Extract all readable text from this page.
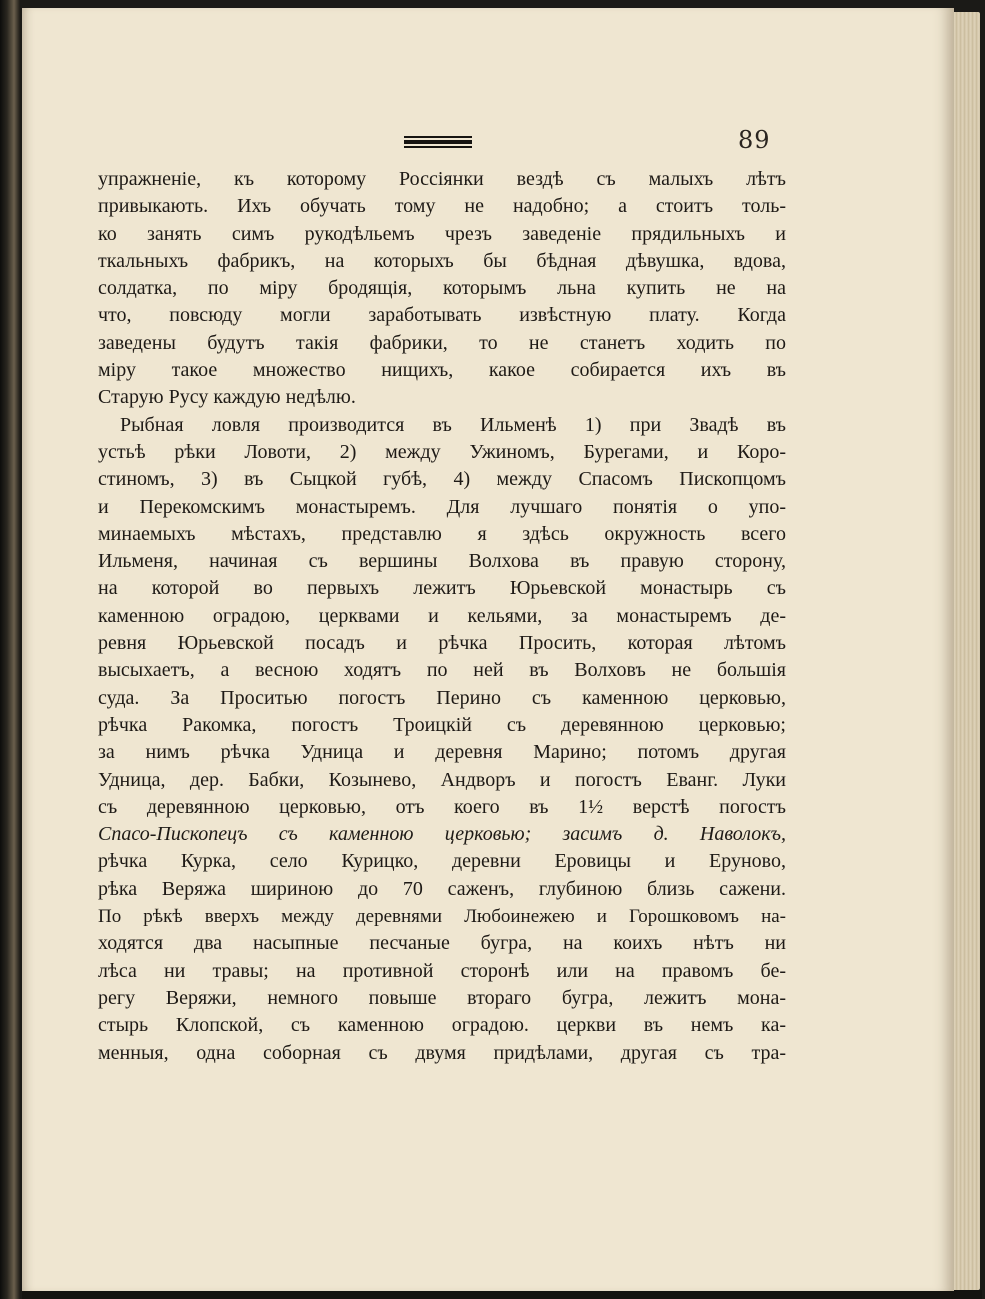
89
упражненіе, къ которому Россіянки вездѣ съ малыхъ лѣтъ
привыкають. Ихъ обучать тому не надобно; а стоитъ толь-
ко занять симъ рукодѣльемъ чрезъ заведеніе прядильныхъ и
ткальныхъ фабрикъ, на которыхъ бы бѣдная дѣвушка, вдова,
солдатка, по міру бродящія, которымъ льна купить не на
что, повсюду могли заработывать извѣстную плату. Когда
заведены будутъ такія фабрики, то не станетъ ходить по
міру такое множество нищихъ, какое собирается ихъ въ
Старую Русу каждую недѣлю.
Рыбная ловля производится въ Ильменѣ 1) при Звадѣ въ
устьѣ рѣки Ловоти, 2) между Ужиномъ, Бурегами, и Коро-
стиномъ, 3) въ Сыцкой губѣ, 4) между Спасомъ Пископцомъ
и Перекомскимъ монастыремъ. Для лучшаго понятія о упо-
минаемыхъ мѣстахъ, представлю я здѣсь окружность всего
Ильменя, начиная съ вершины Волхова въ правую сторону,
на которой во первыхъ лежитъ Юрьевской монастырь съ
каменною оградою, церквами и кельями, за монастыремъ де-
ревня Юрьевской посадъ и рѣчка Просить, которая лѣтомъ
высыхаетъ, а весною ходятъ по ней въ Волховъ не большія
суда. За Проситью погостъ Перино съ каменною церковью,
рѣчка Ракомка, погостъ Троицкій съ деревянною церковью;
за нимъ рѣчка Удница и деревня Марино; потомъ другая
Удница, дер. Бабки, Козынево, Андворъ и погостъ Еванг. Луки
съ деревянною церковью, отъ коего въ 1½ верстѣ погостъ
Спасо-Пископецъ съ каменною церковью; засимъ д. Наволокъ,
рѣчка Курка, село Курицко, деревни Еровицы и Еруново,
рѣка Веряжа шириною до 70 саженъ, глубиною близь сажени.
По рѣкѣ вверхъ между деревнями Любоинежею и Горошковомъ на-
ходятся два насыпные песчаные бугра, на коихъ нѣтъ ни
лѣса ни травы; на противной сторонѣ или на правомъ бе-
регу Веряжи, немного повыше втораго бугра, лежитъ мона-
стырь Клопской, съ каменною оградою. церкви въ немъ ка-
менныя, одна соборная съ двумя придѣлами, другая съ тра-
